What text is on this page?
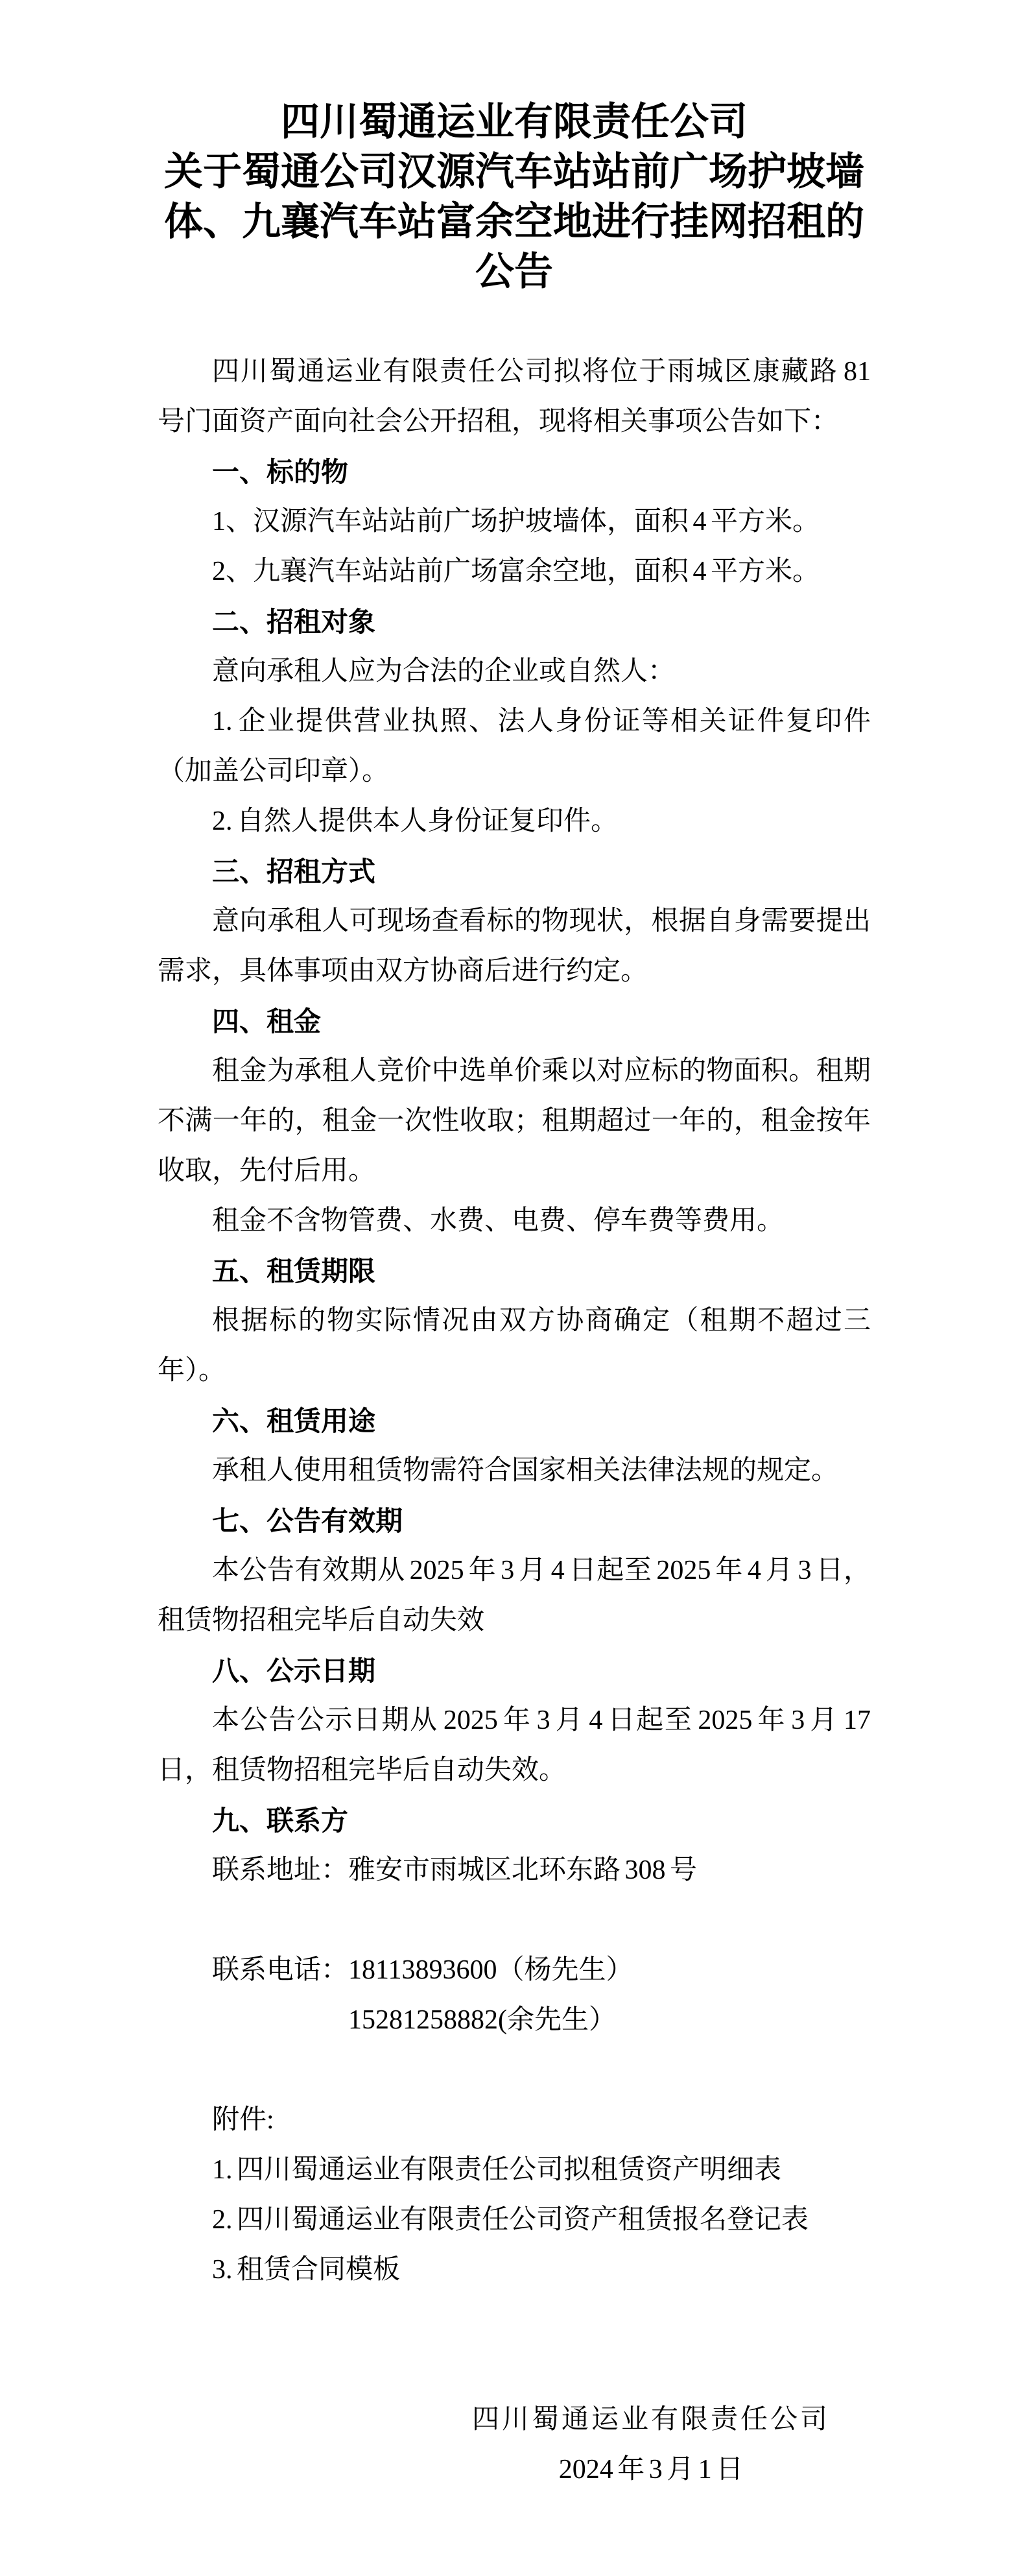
四川蜀通运业有限责任公司
关于蜀通公司汉源汽车站站前广场护坡墙
体、九襄汽车站富余空地进行挂网招租的
公告
四川蜀通运业有限责任公司拟将位于雨城区康藏路 81
号门面资产面向社会公开招租，现将相关事项公告如下：
一、标的物
1、汉源汽车站站前广场护坡墙体，面积 4 平方米。
2、九襄汽车站站前广场富余空地，面积 4 平方米。
二、招租对象
意向承租人应为合法的企业或自然人：
1. 企业提供营业执照、法人身份证等相关证件复印件
（加盖公司印章）。
2. 自然人提供本人身份证复印件。
三、招租方式
意向承租人可现场查看标的物现状，根据自身需要提出
需求，具体事项由双方协商后进行约定。
四、租金
租金为承租人竞价中选单价乘以对应标的物面积。租期
不满一年的，租金一次性收取；租期超过一年的，租金按年
收取，先付后用。
租金不含物管费、水费、电费、停车费等费用。
五、租赁期限
根据标的物实际情况由双方协商确定（租期不超过三
年）。
六、租赁用途
承租人使用租赁物需符合国家相关法律法规的规定。
七、公告有效期
本公告有效期从 2025 年 3 月 4 日起至 2025 年 4 月 3 日，
租赁物招租完毕后自动失效
八、公示日期
本公告公示日期从 2025 年 3 月 4 日起至 2025 年 3 月 17
日，租赁物招租完毕后自动失效。
九、联系方
联系地址：雅安市雨城区北环东路 308 号

联系电话：18113893600（杨先生）

15281258882(余先生）

附件:

1. 四川蜀通运业有限责任公司拟租赁资产明细表
2. 四川蜀通运业有限责任公司资产租赁报名登记表
3. 租赁合同模板

四川蜀通运业有限责任公司

2024 年 3 月 1 日
